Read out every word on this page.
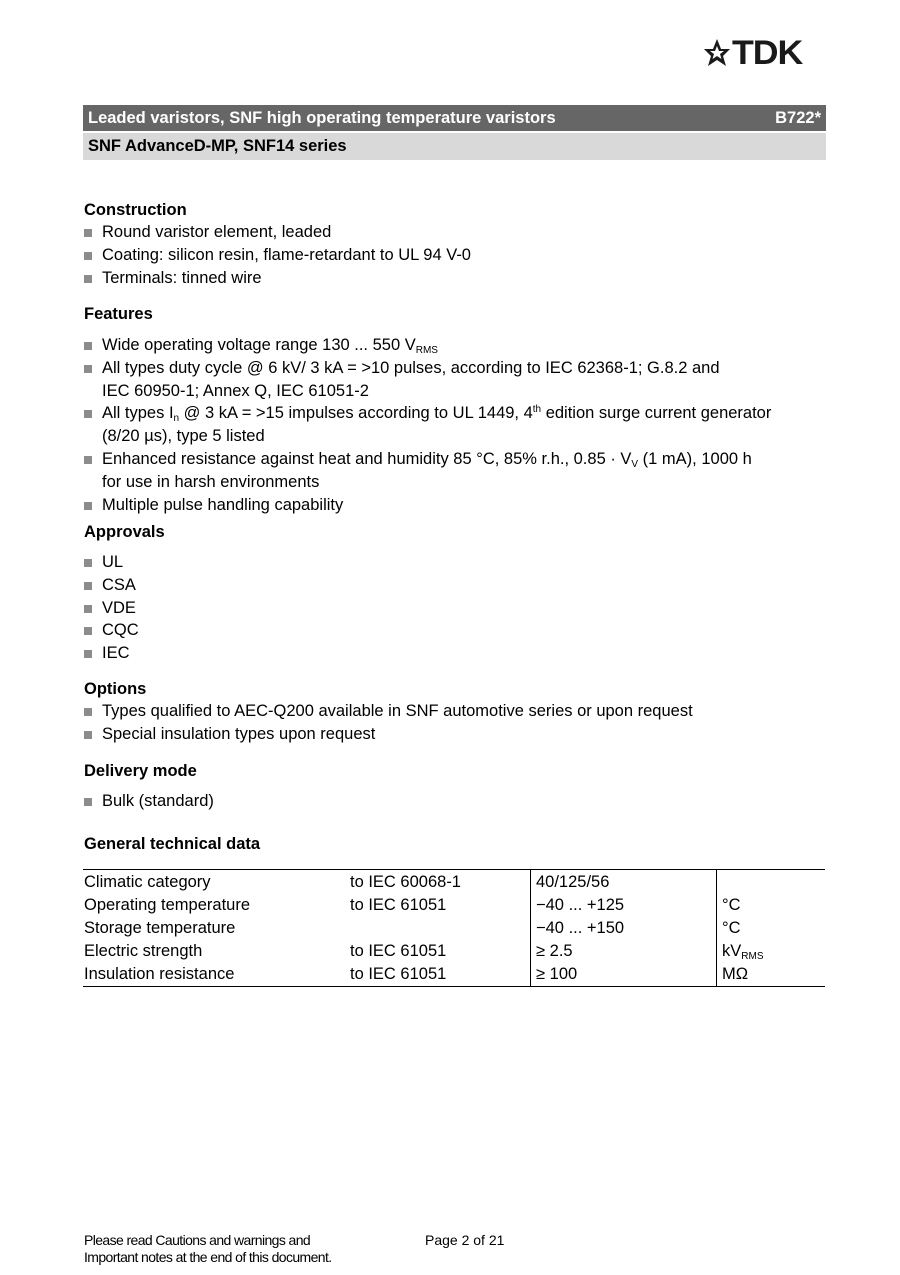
TDK
Leaded varistors, SNF high operating temperature varistors	B722*
SNF AdvanceD-MP, SNF14 series
Construction
Round varistor element, leaded
Coating: silicon resin, flame-retardant to UL 94 V-0
Terminals: tinned wire
Features
Wide operating voltage range 130 ... 550 $V_{RMS}$
All types duty cycle @ 6 kV/ 3 kA = >10 pulses, according to IEC 62368-1; G.8.2 and
IEC 60950-1; Annex Q, IEC 61051-2
All types $I_n$ @ 3 kA = >15 impulses according to UL 1449, 4th edition surge current generator
(8/20 µs), type 5 listed
Enhanced resistance against heat and humidity 85 °C, 85% r.h., $0.85 \cdot V_V$ (1 mA), 1000 h
for use in harsh environments
Multiple pulse handling capability
Approvals
UL
CSA
VDE
CQC
IEC
Options
Types qualified to AEC-Q200 available in SNF automotive series or upon request
Special insulation types upon request
Delivery mode
Bulk (standard)
General technical data
Climatic category	to IEC 60068-1	40/125/56	
Operating temperature	to IEC 61051	−40 ... +125	°C
Storage temperature		−40 ... +150	°C
Electric strength	to IEC 61051	≥ 2.5	$kV_{RMS}$
Insulation resistance	to IEC 61051	≥ 100	MΩ
Please read Cautions and warnings and
Important notes at the end of this document.
Page 2 of 21
